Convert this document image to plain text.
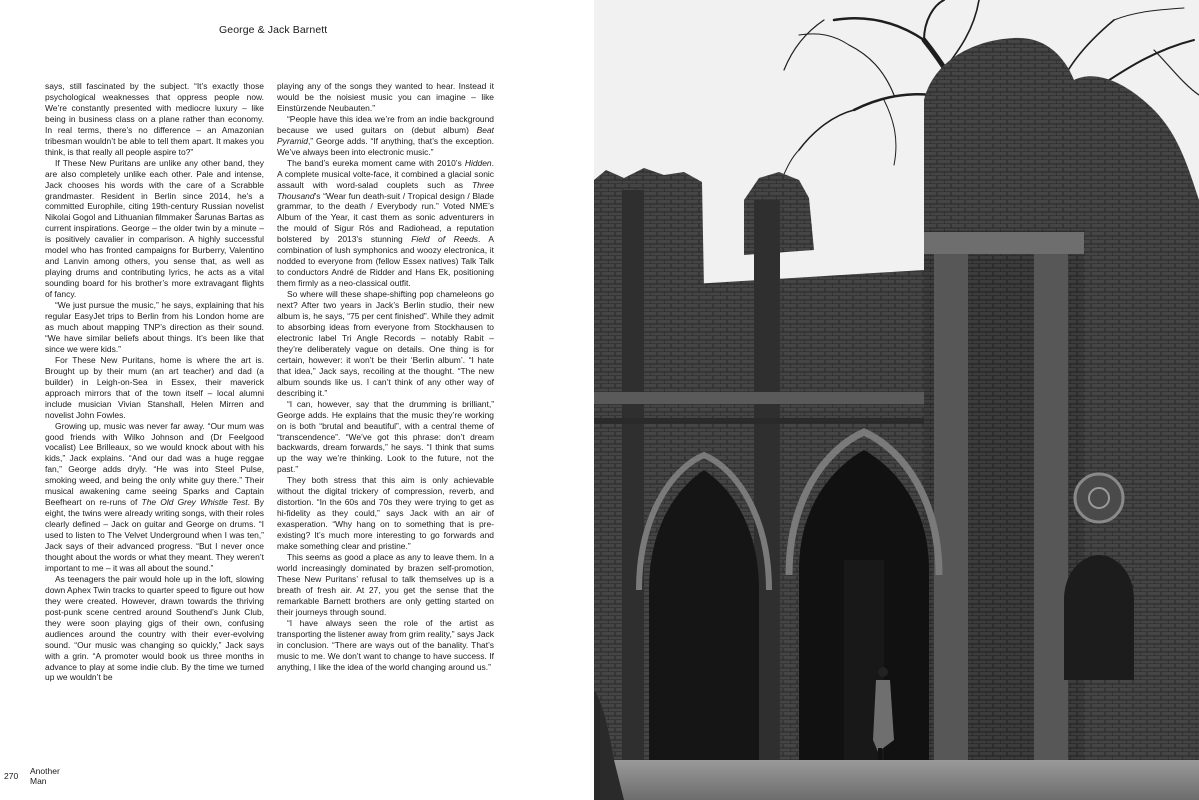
George & Jack Barnett

says, still fascinated by the subject. “It’s exactly those psychological weaknesses that oppress people now. We’re constantly presented with mediocre luxury – like being in business class on a plane rather than economy. In real terms, there’s no difference – an Amazonian tribesman wouldn’t be able to tell them apart. It makes you think, is that really all people aspire to?”

If These New Puritans are unlike any other band, they are also completely unlike each other. Pale and intense, Jack chooses his words with the care of a Scrabble grandmaster. Resident in Berlin since 2014, he’s a committed Europhile, citing 19th-century Russian novelist Nikolai Gogol and Lithuanian filmmaker Šarunas Bartas as current inspirations. George – the older twin by a minute – is positively cavalier in comparison. A highly successful model who has fronted campaigns for Burberry, Valentino and Lanvin among others, you sense that, as well as playing drums and contributing lyrics, he acts as a vital sounding board for his brother’s more extravagant flights of fancy.

“We just pursue the music,” he says, explaining that his regular EasyJet trips to Berlin from his London home are as much about mapping TNP’s direction as their sound. “We have similar beliefs about things. It’s been like that since we were kids.”

For These New Puritans, home is where the art is. Brought up by their mum (an art teacher) and dad (a builder) in Leigh-on-Sea in Essex, their maverick approach mirrors that of the town itself – local alumni include musician Vivian Stanshall, Helen Mirren and novelist John Fowles.

Growing up, music was never far away. “Our mum was good friends with Wilko Johnson and (Dr Feelgood vocalist) Lee Brilleaux, so we would knock about with his kids,” Jack explains. “And our dad was a huge reggae fan,” George adds dryly. “He was into Steel Pulse, smoking weed, and being the only white guy there.” Their musical awakening came seeing Sparks and Captain Beefheart on re-runs of The Old Grey Whistle Test. By eight, the twins were already writing songs, with their roles clearly defined – Jack on guitar and George on drums. “I used to listen to The Velvet Underground when I was ten,” Jack says of their advanced progress. “But I never once thought about the words or what they meant. They weren’t important to me – it was all about the sound.”

As teenagers the pair would hole up in the loft, slowing down Aphex Twin tracks to quarter speed to figure out how they were created. However, drawn towards the thriving post-punk scene centred around Southend’s Junk Club, they were soon playing gigs of their own, confusing audiences around the country with their ever-evolving sound. “Our music was changing so quickly,” Jack says with a grin. “A promoter would book us three months in advance to play at some indie club. By the time we turned up we wouldn’t be

playing any of the songs they wanted to hear. Instead it would be the noisiest music you can imagine – like Einstürzende Neubauten.”

“People have this idea we’re from an indie background because we used guitars on (debut album) Beat Pyramid,” George adds. “If anything, that’s the exception. We’ve always been into electronic music.”

The band’s eureka moment came with 2010’s Hidden. A complete musical volte-face, it combined a glacial sonic assault with word-salad couplets such as Three Thousand’s “Wear fun death-suit / Tropical design / Blade grammar, to the death / Everybody run.” Voted NME’s Album of the Year, it cast them as sonic adventurers in the mould of Sigur Rós and Radiohead, a reputation bolstered by 2013’s stunning Field of Reeds. A combination of lush symphonics and woozy electronica, it nodded to everyone from (fellow Essex natives) Talk Talk to conductors André de Ridder and Hans Ek, positioning them firmly as a neo-classical outfit.

So where will these shape-shifting pop chameleons go next? After two years in Jack’s Berlin studio, their new album is, he says, “75 per cent finished”. While they admit to absorbing ideas from everyone from Stockhausen to electronic label Tri Angle Records – notably Rabit – they’re deliberately vague on details. One thing is for certain, however: it won’t be their ‘Berlin album’. “I hate that idea,” Jack says, recoiling at the thought. “The new album sounds like us. I can’t think of any other way of describing it.”

“I can, however, say that the drumming is brilliant,” George adds. He explains that the music they’re working on is both “brutal and beautiful”, with a central theme of “transcendence”. “We’ve got this phrase: don’t dream backwards, dream forwards,” he says. “I think that sums up the way we’re thinking. Look to the future, not the past.”

They both stress that this aim is only achievable without the digital trickery of compression, reverb, and distortion. “In the 60s and 70s they were trying to get as hi-fidelity as they could,” says Jack with an air of exasperation. “Why hang on to something that is pre-existing? It’s much more interesting to go forwards and make something clear and pristine.”

This seems as good a place as any to leave them. In a world increasingly dominated by brazen self-promotion, These New Puritans’ refusal to talk themselves up is a breath of fresh air. At 27, you get the sense that the remarkable Barnett brothers are only getting started on their journeys through sound.

“I have always seen the role of the artist as transporting the listener away from grim reality,” says Jack in conclusion. “There are ways out of the banality. That’s music to me. We don’t want to change to have success. If anything, I like the idea of the world changing around us.”

270 Another
Man
